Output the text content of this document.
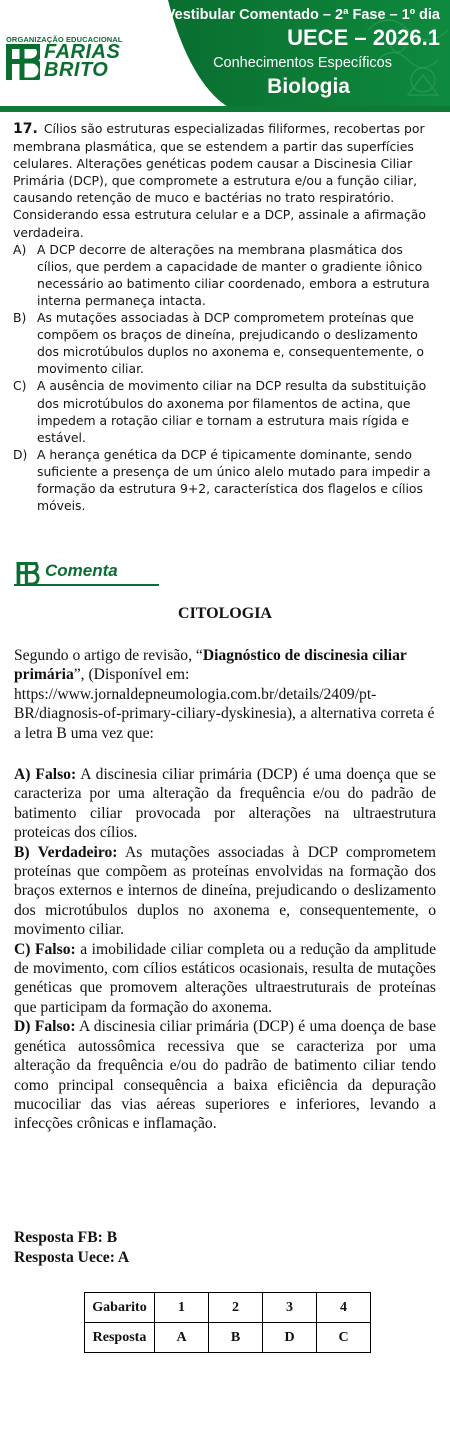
ORGANIZAÇÃO EDUCACIONAL
FARIAS
BRITO
Vestibular Comentado – 2ª Fase – 1º dia
UECE – 2026.1
Conhecimentos Específicos
Biologia

17. Cílios são estruturas especializadas filiformes, recobertas por membrana plasmática, que se estendem a partir das superfícies celulares. Alterações genéticas podem causar a Discinesia Ciliar Primária (DCP), que compromete a estrutura e/ou a função ciliar, causando retenção de muco e bactérias no trato respiratório. Considerando essa estrutura celular e a DCP, assinale a afirmação verdadeira.

A) A DCP decorre de alterações na membrana plasmática dos cílios, que perdem a capacidade de manter o gradiente iônico necessário ao batimento ciliar coordenado, embora a estrutura interna permaneça intacta.
B) As mutações associadas à DCP comprometem proteínas que compõem os braços de dineína, prejudicando o deslizamento dos microtúbulos duplos no axonema e, consequentemente, o movimento ciliar.
C) A ausência de movimento ciliar na DCP resulta da substituição dos microtúbulos do axonema por filamentos de actina, que impedem a rotação ciliar e tornam a estrutura mais rígida e estável.
D) A herança genética da DCP é tipicamente dominante, sendo suficiente a presença de um único alelo mutado para impedir a formação da estrutura 9+2, característica dos flagelos e cílios móveis.
Comenta
CITOLOGIA

Segundo o artigo de revisão, “Diagnóstico de discinesia ciliar primária”, (Disponível em: https://www.jornaldepneumologia.com.br/details/2409/pt-BR/diagnosis-of-primary-ciliary-dyskinesia), a alternativa correta é a letra B uma vez que:

A) Falso: A discinesia ciliar primária (DCP) é uma doença que se caracteriza por uma alteração da frequência e/ou do padrão de batimento ciliar provocada por alterações na ultraestrutura proteicas dos cílios.

B) Verdadeiro: As mutações associadas à DCP comprometem proteínas que compõem as proteínas envolvidas na formação dos braços externos e internos de dineína, prejudicando o deslizamento dos microtúbulos duplos no axonema e, consequentemente, o movimento ciliar.

C) Falso: a imobilidade ciliar completa ou a redução da amplitude de movimento, com cílios estáticos ocasionais, resulta de mutações genéticas que promovem alterações ultraestruturais de proteínas que participam da formação do axonema.

D) Falso: A discinesia ciliar primária (DCP) é uma doença de base genética autossômica recessiva que se caracteriza por uma alteração da frequência e/ou do padrão de batimento ciliar tendo como principal consequência a baixa eficiência da depuração mucociliar das vias aéreas superiores e inferiores, levando a infecções crônicas e inflamação.

Resposta FB: B
Resposta Uece: A
Gabarito	1	2	3	4
Resposta	A	B	D	C
